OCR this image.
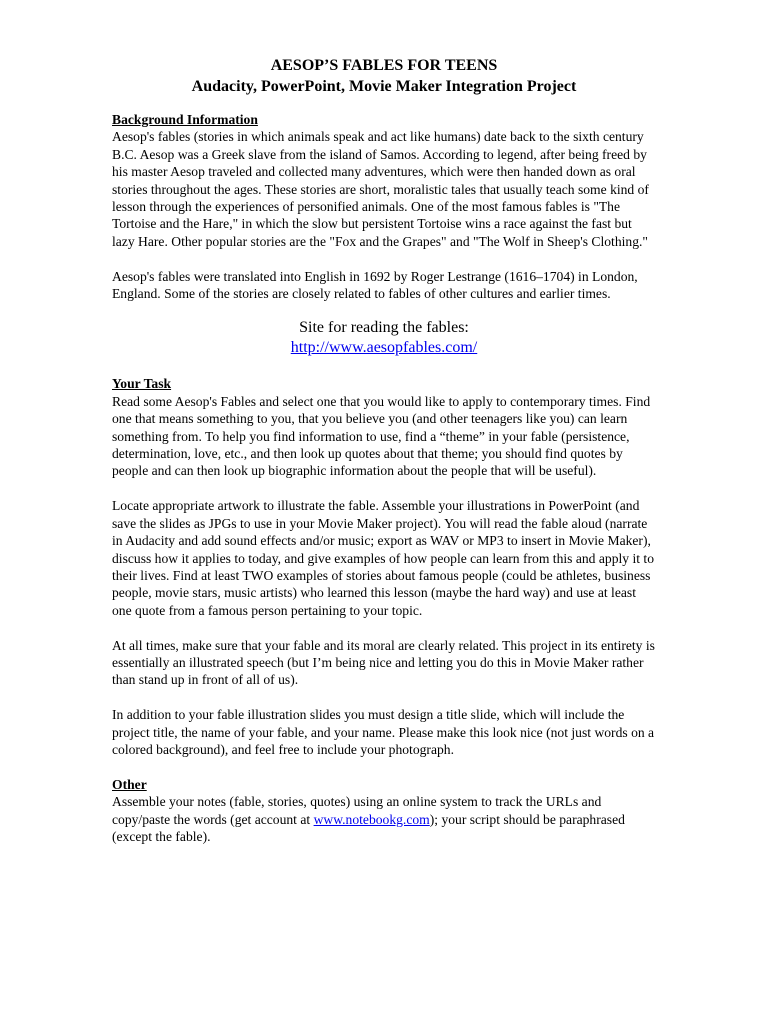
AESOP’S FABLES FOR TEENS
Audacity, PowerPoint, Movie Maker Integration Project

Background Information

Aesop's fables (stories in which animals speak and act like humans) date back to the sixth century B.C. Aesop was a Greek slave from the island of Samos. According to legend, after being freed by his master Aesop traveled and collected many adventures, which were then handed down as oral stories throughout the ages. These stories are short, moralistic tales that usually teach some kind of lesson through the experiences of personified animals. One of the most famous fables is "The Tortoise and the Hare," in which the slow but persistent Tortoise wins a race against the fast but lazy Hare. Other popular stories are the "Fox and the Grapes" and "The Wolf in Sheep's Clothing."

Aesop's fables were translated into English in 1692 by Roger Lestrange (1616–1704) in London, England. Some of the stories are closely related to fables of other cultures and earlier times.

Site for reading the fables:

http://www.aesopfables.com/

Your Task

Read some Aesop's Fables and select one that you would like to apply to contemporary times. Find one that means something to you, that you believe you (and other teenagers like you) can learn something from. To help you find information to use, find a “theme” in your fable (persistence, determination, love, etc., and then look up quotes about that theme; you should find quotes by people and can then look up biographic information about the people that will be useful).

Locate appropriate artwork to illustrate the fable. Assemble your illustrations in PowerPoint (and save the slides as JPGs to use in your Movie Maker project). You will read the fable aloud (narrate in Audacity and add sound effects and/or music; export as WAV or MP3 to insert in Movie Maker), discuss how it applies to today, and give examples of how people can learn from this and apply it to their lives. Find at least TWO examples of stories about famous people (could be athletes, business people, movie stars, music artists) who learned this lesson (maybe the hard way) and use at least one quote from a famous person pertaining to your topic.

At all times, make sure that your fable and its moral are clearly related. This project in its entirety is essentially an illustrated speech (but I’m being nice and letting you do this in Movie Maker rather than stand up in front of all of us).

In addition to your fable illustration slides you must design a title slide, which will include the project title, the name of your fable, and your name. Please make this look nice (not just words on a colored background), and feel free to include your photograph.

Other

Assemble your notes (fable, stories, quotes) using an online system to track the URLs and copy/paste the words (get account at www.notebookg.com); your script should be paraphrased (except the fable).
